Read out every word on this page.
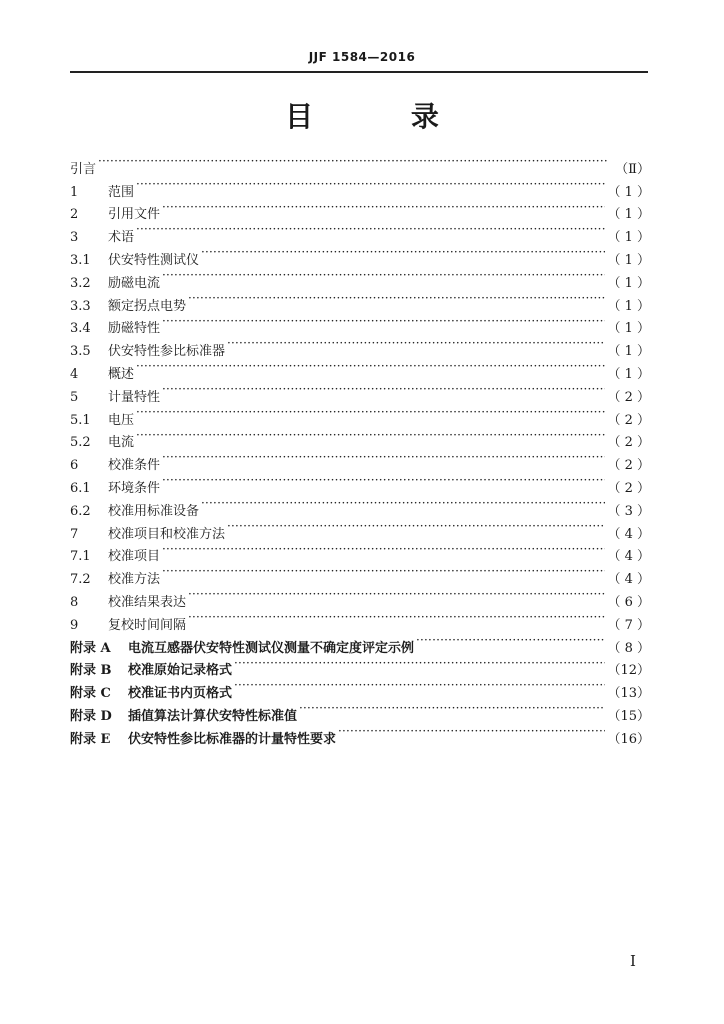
JJF 1584—2016
目 录
引言 ·····	（Ⅱ）
1	范围 ·····	（ 1 ）
2	引用文件 ·····	（ 1 ）
3	术语 ·····	（ 1 ）
3.1	伏安特性测试仪 ·····	（ 1 ）
3.2	励磁电流 ·····	（ 1 ）
3.3	额定拐点电势 ·····	（ 1 ）
3.4	励磁特性 ·····	（ 1 ）
3.5	伏安特性参比标准器 ·····	（ 1 ）
4	概述 ·····	（ 1 ）
5	计量特性 ·····	（ 2 ）
5.1	电压 ·····	（ 2 ）
5.2	电流 ·····	（ 2 ）
6	校准条件 ·····	（ 2 ）
6.1	环境条件 ·····	（ 2 ）
6.2	校准用标准设备 ·····	（ 3 ）
7	校准项目和校准方法 ·····	（ 4 ）
7.1	校准项目 ·····	（ 4 ）
7.2	校准方法 ·····	（ 4 ）
8	校准结果表达 ·····	（ 6 ）
9	复校时间间隔 ·····	（ 7 ）
附录 A	电流互感器伏安特性测试仪测量不确定度评定示例 ·····	（ 8 ）
附录 B	校准原始记录格式 ·····	（12）
附录 C	校准证书内页格式 ·····	（13）
附录 D	插值算法计算伏安特性标准值 ·····	（15）
附录 E	伏安特性参比标准器的计量特性要求 ·····	（16）
I
